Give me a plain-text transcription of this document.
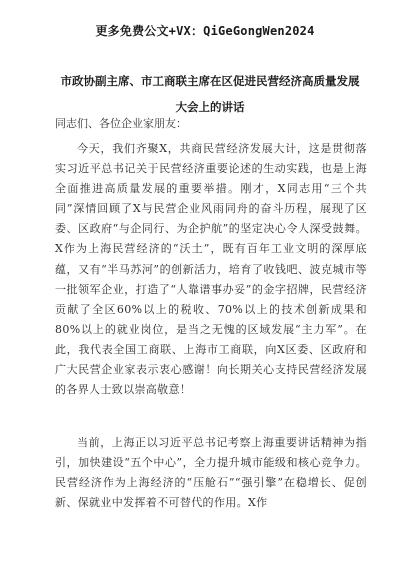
更多免费公文+VX：QiGeGongWen2024
市政协副主席、市工商联主席在区促进民营经济高质量发展大会上的讲话
同志们、各位企业家朋友：
今天，我们齐聚X，共商民营经济发展大计，这是贯彻落实习近平总书记关于民营经济重要论述的生动实践，也是上海全面推进高质量发展的重要举措。刚才，X同志用“三个共同”深情回顾了X与民营企业风雨同舟的奋斗历程，展现了区委、区政府“与企同行、为企护航”的坚定决心令人深受鼓舞。X作为上海民营经济的“沃土”，既有百年工业文明的深厚底蕴，又有“半马苏河”的创新活力，培育了收钱吧、波克城市等一批领军企业，打造了“人靠谱事办妥”的金字招牌，民营经济贡献了全区60%以上的税收、70%以上的技术创新成果和80%以上的就业岗位，是当之无愧的区域发展“主力军”。在此，我代表全国工商联、上海市工商联，向X区委、区政府和广大民营企业家表示衷心感谢！向长期关心支持民营经济发展的各界人士致以崇高敬意！
当前，上海正以习近平总书记考察上海重要讲话精神为指引，加快建设“五个中心”，全力提升城市能级和核心竞争力。民营经济作为上海经济的“压舱石”“强引擎”在稳增长、促创新、保就业中发挥着不可替代的作用。X作
